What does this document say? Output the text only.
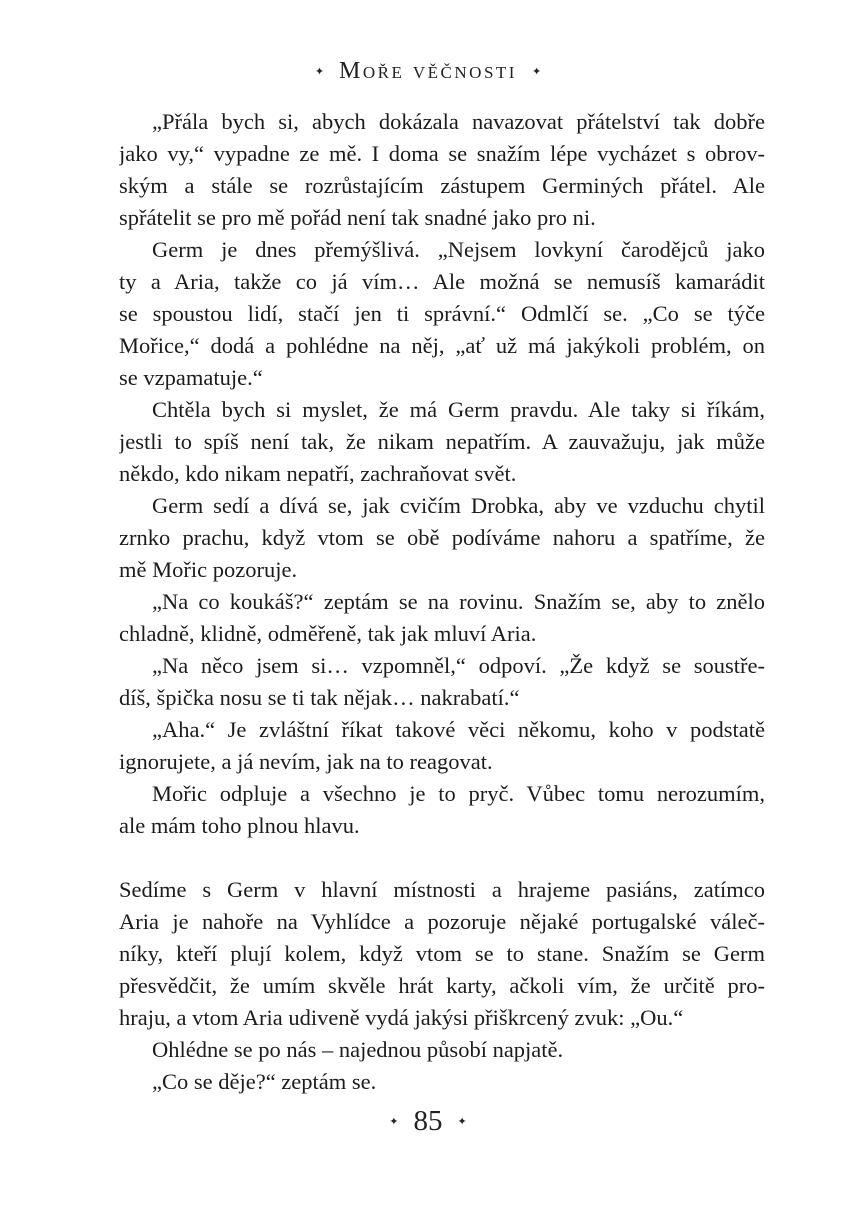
✦ Moře věčnosti ✦
„Přála bych si, abych dokázala navazovat přátelství tak dobře
jako vy,“ vypadne ze mě. I doma se snažím lépe vycházet s obrov-
ským a stále se rozrůstajícím zástupem Germiných přátel. Ale
spřátelit se pro mě pořád není tak snadné jako pro ni.
Germ je dnes přemýšlivá. „Nejsem lovkyní čarodějců jako
ty a Aria, takže co já vím… Ale možná se nemusíš kamarádit
se spoustou lidí, stačí jen ti správní.“ Odmlčí se. „Co se týče
Mořice,“ dodá a pohlédne na něj, „ať už má jakýkoli problém, on
se vzpamatuje.“
Chtěla bych si myslet, že má Germ pravdu. Ale taky si říkám,
jestli to spíš není tak, že nikam nepatřím. A zauvažuju, jak může
někdo, kdo nikam nepatří, zachraňovat svět.
Germ sedí a dívá se, jak cvičím Drobka, aby ve vzduchu chytil
zrnko prachu, když vtom se obě podíváme nahoru a spatříme, že
mě Mořic pozoruje.
„Na co koukáš?“ zeptám se na rovinu. Snažím se, aby to znělo
chladně, klidně, odměřeně, tak jak mluví Aria.
„Na něco jsem si… vzpomněl,“ odpoví. „Že když se soustře-
díš, špička nosu se ti tak nějak… nakrabatí.“
„Aha.“ Je zvláštní říkat takové věci někomu, koho v podstatě
ignorujete, a já nevím, jak na to reagovat.
Mořic odpluje a všechno je to pryč. Vůbec tomu nerozumím,
ale mám toho plnou hlavu.
Sedíme s Germ v hlavní místnosti a hrajeme pasiáns, zatímco
Aria je nahoře na Vyhlídce a pozoruje nějaké portugalské váleč-
níky, kteří plují kolem, když vtom se to stane. Snažím se Germ
přesvědčit, že umím skvěle hrát karty, ačkoli vím, že určitě pro-
hraju, a vtom Aria udiveně vydá jakýsi přiškrcený zvuk: „Ou.“
Ohlédne se po nás – najednou působí napjatě.
„Co se děje?“ zeptám se.
✦ 85 ✦
